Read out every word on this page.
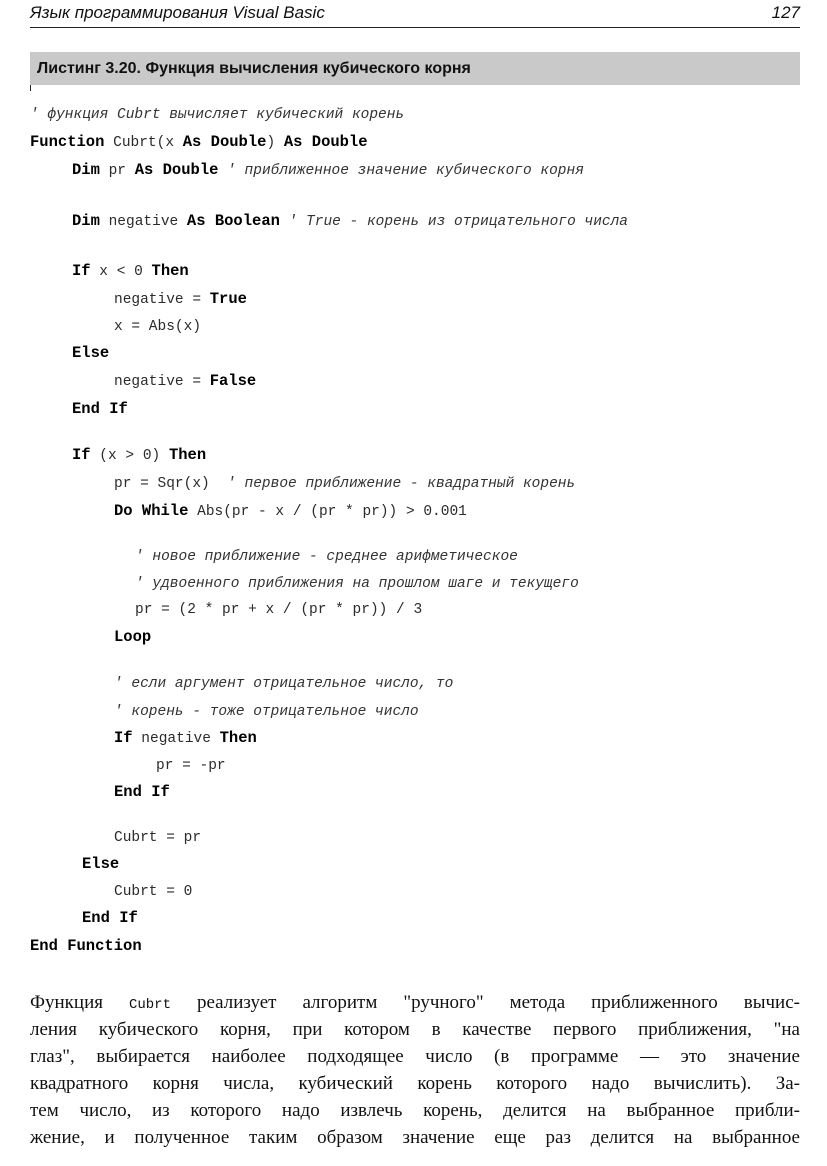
Язык программирования Visual Basic	127
Листинг 3.20. Функция вычисления кубического корня
' функция Cubrt вычисляет кубический корень
Function Cubrt(x As Double) As Double
Dim pr As Double ' приближенное значение кубического корня
Dim negative As Boolean ' True - корень из отрицательного числа
If x < 0 Then
negative = True
x = Abs(x)
Else
negative = False
End If
If (x > 0) Then
pr = Sqr(x)  ' первое приближение - квадратный корень
Do While Abs(pr - x / (pr * pr)) > 0.001
' новое приближение - среднее арифметическое
' удвоенного приближения на прошлом шаге и текущего
pr = (2 * pr + x / (pr * pr)) / 3
Loop
' если аргумент отрицательное число, то
' корень - тоже отрицательное число
If negative Then
pr = -pr
End If
Cubrt = pr
Else
Cubrt = 0
End If
End Function
Функция Cubrt реализует алгоритм "ручного" метода приближенного вычис-
ления кубического корня, при котором в качестве первого приближения, "на
глаз", выбирается наиболее подходящее число (в программе — это значение
квадратного корня числа, кубический корень которого надо вычислить). За-
тем число, из которого надо извлечь корень, делится на выбранное прибли-
жение, и полученное таким образом значение еще раз делится на выбранное
